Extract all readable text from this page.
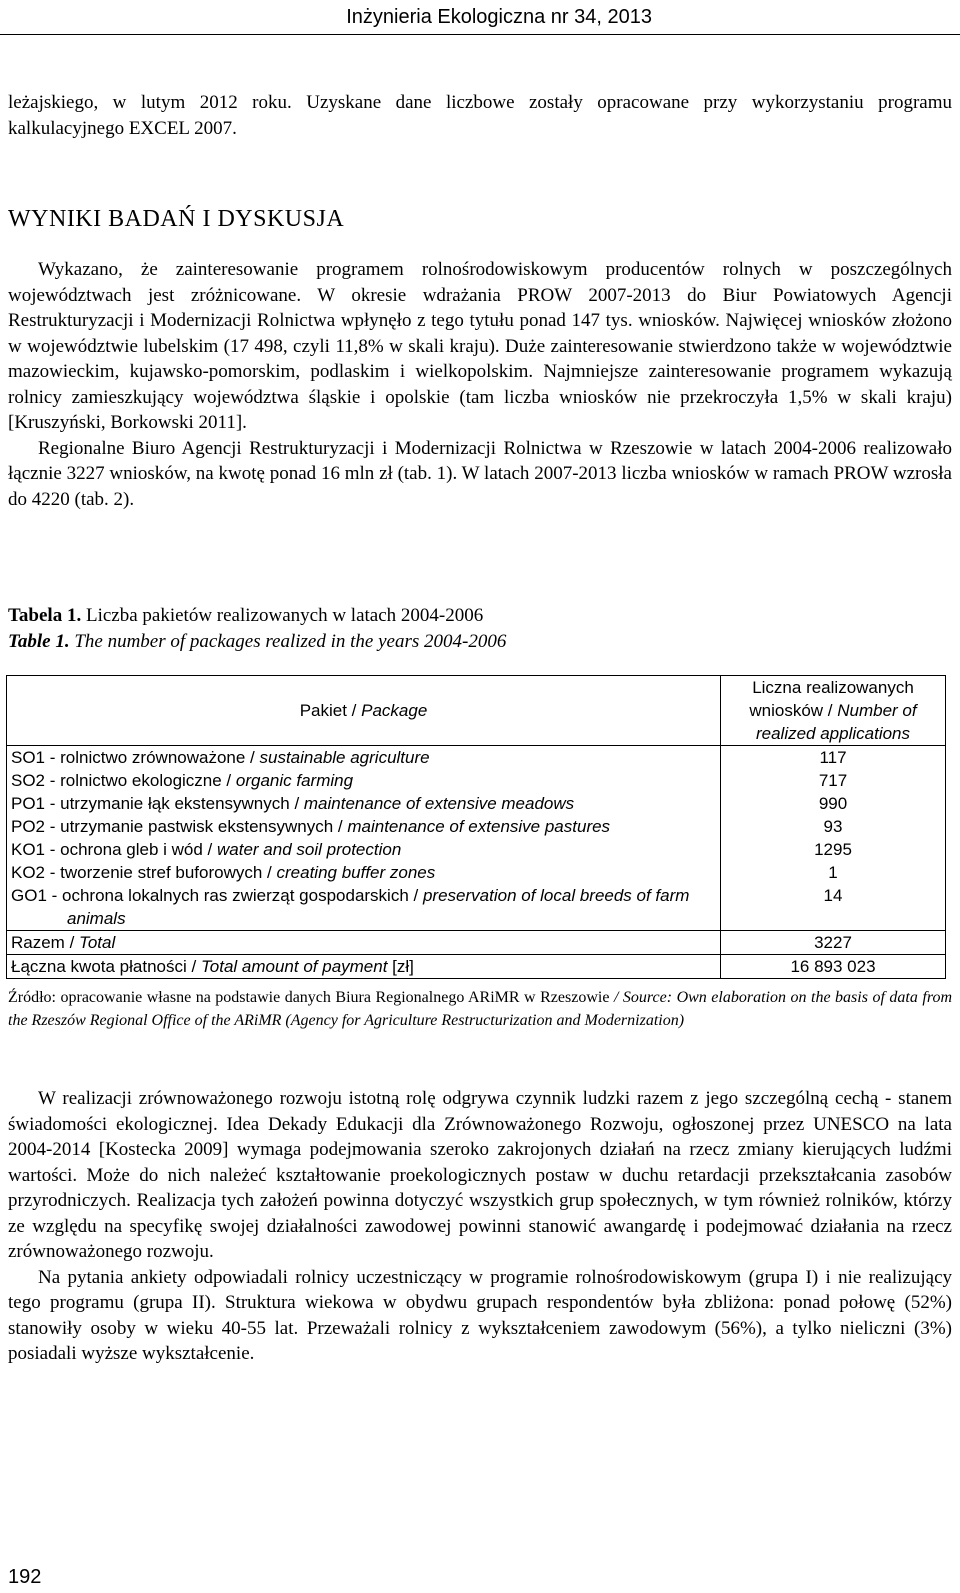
Inżynieria Ekologiczna nr 34, 2013

leżajskiego, w lutym 2012 roku. Uzyskane dane liczbowe zostały opracowane przy wykorzystaniu programu kalkulacyjnego EXCEL 2007.

WYNIKI BADAŃ I DYSKUSJA

Wykazano, że zainteresowanie programem rolnośrodowiskowym producentów rolnych w poszczególnych województwach jest zróżnicowane. W okresie wdrażania PROW 2007-2013 do Biur Powiatowych Agencji Restrukturyzacji i Modernizacji Rolnictwa wpłynęło z tego tytułu ponad 147 tys. wniosków. Najwięcej wniosków złożono w województwie lubelskim (17 498, czyli 11,8% w skali kraju). Duże zainteresowanie stwierdzono także w województwie mazowieckim, kujawsko-pomorskim, podlaskim i wielkopolskim. Najmniejsze zainteresowanie programem wykazują rolnicy zamieszkujący województwa śląskie i opolskie (tam liczba wniosków nie przekroczyła 1,5% w skali kraju) [Kruszyński, Borkowski 2011].

Regionalne Biuro Agencji Restrukturyzacji i Modernizacji Rolnictwa w Rzeszowie w latach 2004-2006 realizowało łącznie 3227 wniosków, na kwotę ponad 16 mln zł (tab. 1). W latach 2007-2013 liczba wniosków w ramach PROW wzrosła do 4220 (tab. 2).

Tabela 1. Liczba pakietów realizowanych w latach 2004-2006

Table 1. The number of packages realized in the years 2004-2006

Pakiet / Package	Liczna realizowanych wniosków / Number of realized applications
SO1 - rolnictwo zrównoważone / sustainable agriculture	117
SO2 - rolnictwo ekologiczne / organic farming	717
PO1 - utrzymanie łąk ekstensywnych / maintenance of extensive meadows	990
PO2 - utrzymanie pastwisk ekstensywnych / maintenance of extensive pastures	93
KO1 - ochrona gleb i wód / water and soil protection	1295
KO2 - tworzenie stref buforowych / creating buffer zones	1
GO1 - ochrona lokalnych ras zwierząt gospodarskich / preservation of local breeds of farm animals	14
Razem / Total	3227
Łączna kwota płatności / Total amount of payment [zł]	16 893 023

Źródło: opracowanie własne na podstawie danych Biura Regionalnego ARiMR w Rzeszowie / Source: Own elaboration on the basis of data from the Rzeszów Regional Office of the ARiMR (Agency for Agriculture Restructurization and Modernization)

W realizacji zrównoważonego rozwoju istotną rolę odgrywa czynnik ludzki razem z jego szczególną cechą - stanem świadomości ekologicznej. Idea Dekady Edukacji dla Zrównoważonego Rozwoju, ogłoszonej przez UNESCO na lata 2004-2014 [Kostecka 2009] wymaga podejmowania szeroko zakrojonych działań na rzecz zmiany kierujących ludźmi wartości. Może do nich należeć kształtowanie proekologicznych postaw w duchu retardacji przekształcania zasobów przyrodniczych. Realizacja tych założeń powinna dotyczyć wszystkich grup społecznych, w tym również rolników, którzy ze względu na specyfikę swojej działalności zawodowej powinni stanowić awangardę i podejmować działania na rzecz zrównoważonego rozwoju.

Na pytania ankiety odpowiadali rolnicy uczestniczący w programie rolnośrodowiskowym (grupa I) i nie realizujący tego programu (grupa II). Struktura wiekowa w obydwu grupach respondentów była zbliżona: ponad połowę (52%) stanowiły osoby w wieku 40-55 lat. Przeważali rolnicy z wykształceniem zawodowym (56%), a tylko nieliczni (3%) posiadali wyższe wykształcenie.

192
